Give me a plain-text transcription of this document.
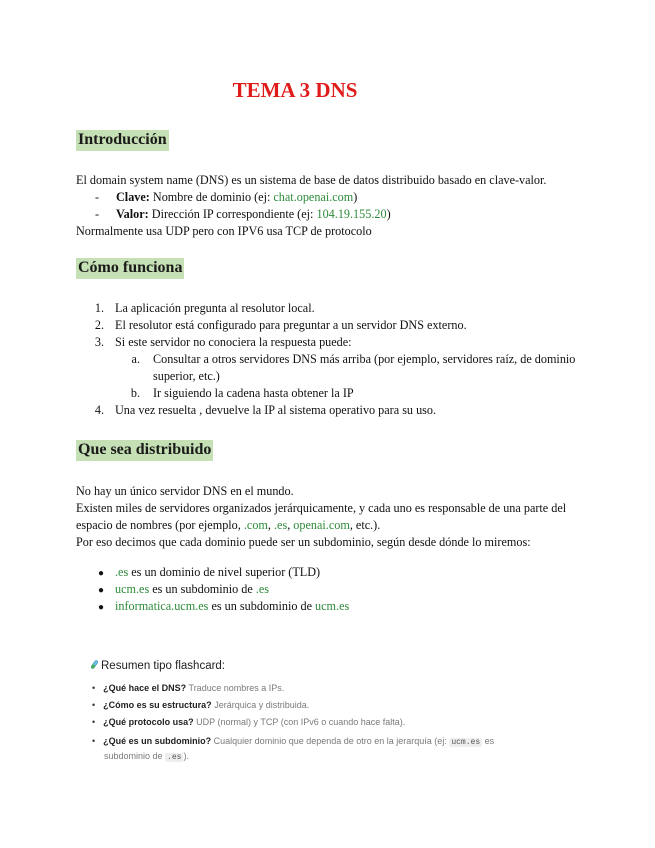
TEMA 3 DNS
Introducción
El domain system name (DNS) es un sistema de base de datos distribuido basado en clave-valor.
- Clave: Nombre de dominio (ej: chat.openai.com)
- Valor: Dirección IP correspondiente (ej: 104.19.155.20)
Normalmente usa UDP pero con IPV6 usa TCP de protocolo
Cómo funciona
1. La aplicación pregunta al resolutor local.
2. El resolutor está configurado para preguntar a un servidor DNS externo.
3. Si este servidor no conociera la respuesta puede:
a. Consultar a otros servidores DNS más arriba (por ejemplo, servidores raíz, de dominio
superior, etc.)
b. Ir siguiendo la cadena hasta obtener la IP
4. Una vez resuelta , devuelve la IP al sistema operativo para su uso.
Que sea distribuido
No hay un único servidor DNS en el mundo.
Existen miles de servidores organizados jerárquicamente, y cada uno es responsable de una parte del
espacio de nombres (por ejemplo, .com, .es, openai.com, etc.).
Por eso decimos que cada dominio puede ser un subdominio, según desde dónde lo miremos:
● .es es un dominio de nivel superior (TLD)
● ucm.es es un subdominio de .es
● informatica.ucm.es es un subdominio de ucm.es
Resumen tipo flashcard:
• ¿Qué hace el DNS? Traduce nombres a IPs.
• ¿Cómo es su estructura? Jerárquica y distribuida.
• ¿Qué protocolo usa? UDP (normal) y TCP (con IPv6 o cuando hace falta).
• ¿Qué es un subdominio? Cualquier dominio que dependa de otro en la jerarquía (ej: ucm.es es
subdominio de .es ).
